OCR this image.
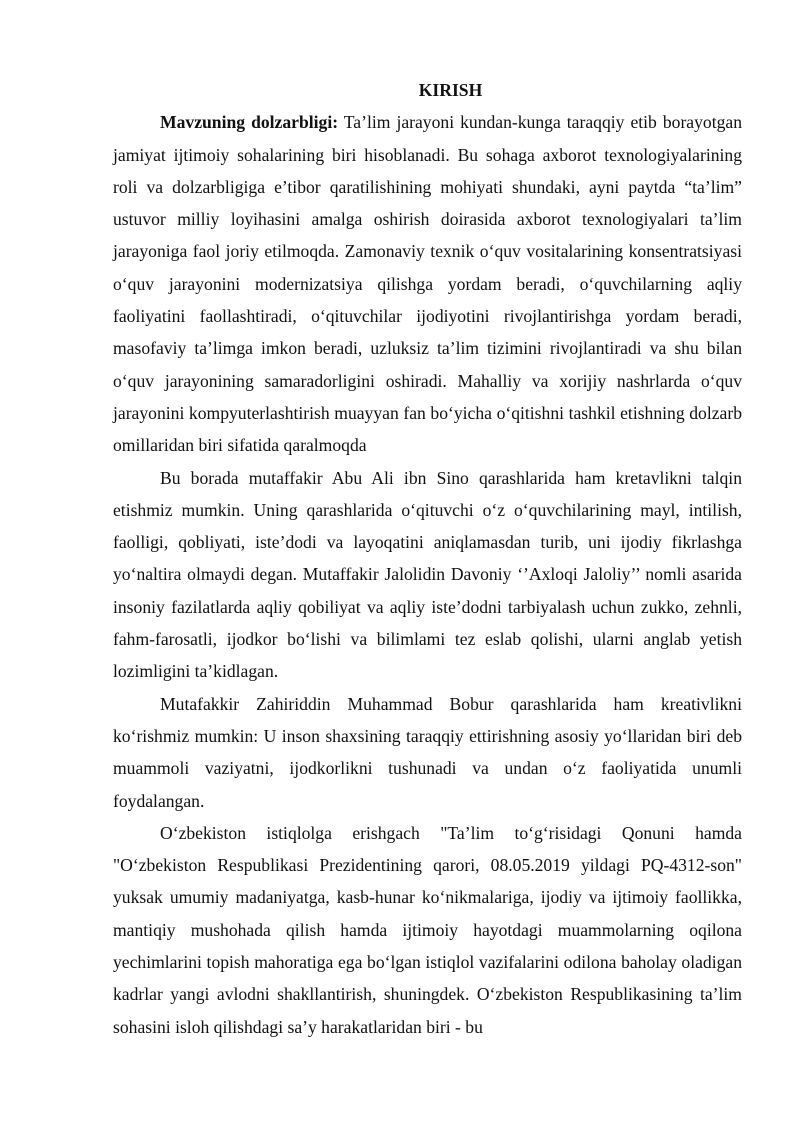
KIRISH

Mavzuning dolzarbligi: Ta’lim jarayoni kundan-kunga taraqqiy etib borayotgan jamiyat ijtimoiy sohalarining biri hisoblanadi. Bu sohaga axborot texnologiyalarining roli va dolzarbligiga e’tibor qaratilishining mohiyati shundaki, ayni paytda “ta’lim” ustuvor milliy loyihasini amalga oshirish doirasida axborot texnologiyalari ta’lim jarayoniga faol joriy etilmoqda. Zamonaviy texnik o‘quv vositalarining konsentratsiyasi o‘quv jarayonini modernizatsiya qilishga yordam beradi, o‘quvchilarning aqliy faoliyatini faollashtiradi, o‘qituvchilar ijodiyotini rivojlantirishga yordam beradi, masofaviy ta’limga imkon beradi, uzluksiz ta’lim tizimini rivojlantiradi va shu bilan o‘quv jarayonining samaradorligini oshiradi. Mahalliy va xorijiy nashrlarda o‘quv jarayonini kompyuterlashtirish muayyan fan bo‘yicha o‘qitishni tashkil etishning dolzarb omillaridan biri sifatida qaralmoqda

Bu borada mutaffakir Abu Ali ibn Sino qarashlarida ham kretavlikni talqin etishmiz mumkin. Uning qarashlarida o‘qituvchi o‘z o‘quvchilarining mayl, intilish, faolligi, qobliyati, iste’dodi va layoqatini aniqlamasdan turib, uni ijodiy fikrlashga yo‘naltira olmaydi degan. Mutaffakir Jalolidin Davoniy ‘’Axloqi Jaloliy’’ nomli asarida insoniy fazilatlarda aqliy qobiliyat va aqliy iste’dodni tarbiyalash uchun zukko, zehnli, fahm-farosatli, ijodkor bo‘lishi va bilimlami tez eslab qolishi, ularni anglab yetish lozimligini ta’kidlagan.

Mutafakkir Zahiriddin Muhammad Bobur qarashlarida ham kreativlikni ko‘rishmiz mumkin: U inson shaxsining taraqqiy ettirishning asosiy yo‘llaridan biri deb muammoli vaziyatni, ijodkorlikni tushunadi va undan o‘z faoliyatida unumli foydalangan.

O‘zbekiston istiqlolga erishgach "Ta’lim to‘g‘risidagi Qonuni hamda "O‘zbekiston Respublikasi Prezidentining qarori, 08.05.2019 yildagi PQ-4312-son" yuksak umumiy madaniyatga, kasb-hunar ko‘nikmalariga, ijodiy va ijtimoiy faollikka, mantiqiy mushohada qilish hamda ijtimoiy hayotdagi muammolarning oqilona yechimlarini topish mahoratiga ega bo‘lgan istiqlol vazifalarini odilona baholay oladigan kadrlar yangi avlodni shakllantirish, shuningdek. O‘zbekiston Respublikasining ta’lim sohasini isloh qilishdagi sa’y harakatlaridan biri - bu
